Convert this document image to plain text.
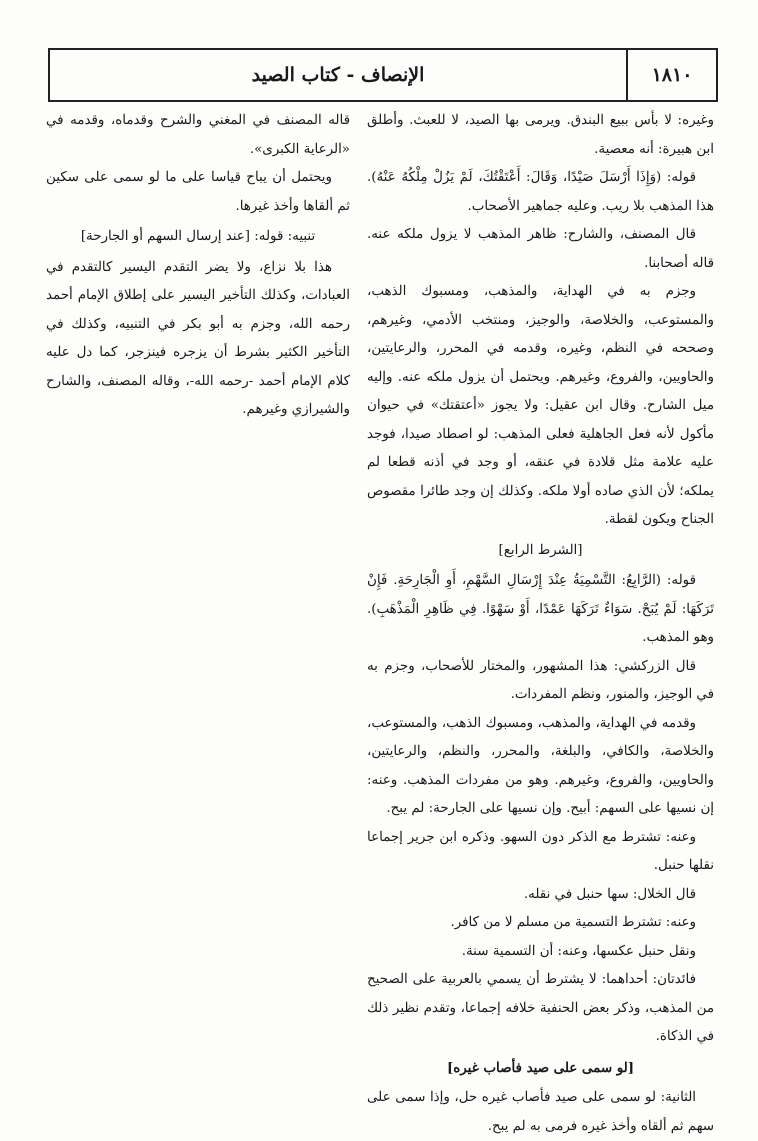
١٨١٠
الإنصاف - كتاب الصيد

وغيره: لا بأس ببيع البندق. ويرمى بها الصيد، لا للعبث. وأطلق ابن هبيرة: أنه معصية.

قوله: (وَإِذَا أَرْسَلَ صَيْدًا، وَقَالَ: أَعْتَقْتُكَ، لَمْ يَزُلْ مِلْكُهُ عَنْهُ). هذا المذهب بلا ريب. وعليه جماهير الأصحاب.

قال المصنف، والشارح: ظاهر المذهب لا يزول ملكه عنه. قاله أصحابنا.

وجزم به في الهداية، والمذهب، ومسبوك الذهب، والمستوعب، والخلاصة، والوجيز، ومنتخب الأدمي، وغيرهم، وصححه في النظم، وغيره، وقدمه في المحرر، والرعايتين، والحاويين، والفروع، وغيرهم. ويحتمل أن يزول ملكه عنه. وإليه ميل الشارح. وقال ابن عقيل: ولا يجوز «أعتقتك» في حيوان مأكول لأنه فعل الجاهلية فعلى المذهب: لو اصطاد صيدا، فوجد عليه علامة مثل قلادة في عنقه، أو وجد في أذنه قطعا لم يملكه؛ لأن الذي صاده أولا ملكه. وكذلك إن وجد طائرا مقصوص الجناح ويكون لقطة.

[الشرط الرابع]

قوله: (الرَّابِعُ: التَّسْمِيَةُ عِنْدَ إِرْسَالِ السَّهْمِ، أَوِ الْجَارِحَةِ. فَإِنْ تَرَكَهَا: لَمْ يُبَحْ. سَوَاءٌ تَرَكَهَا عَمْدًا، أَوْ سَهْوًا. فِي ظَاهِرِ الْمَذْهَبِ). وهو المذهب.

قال الزركشي: هذا المشهور، والمختار للأصحاب، وجزم به في الوجيز، والمنور، ونظم المفردات.

وقدمه في الهداية، والمذهب، ومسبوك الذهب، والمستوعب، والخلاصة، والكافي، والبلغة، والمحرر، والنظم، والرعايتين، والحاويين، والفروع، وغيرهم. وهو من مفردات المذهب. وعنه: إن نسيها على السهم: أبيح. وإن نسيها على الجارحة: لم يبح.

وعنه: تشترط مع الذكر دون السهو. وذكره ابن جرير إجماعا نقلها حنبل.

قال الخلال: سها حنبل في نقله.

وعنه: تشترط التسمية من مسلم لا من كافر.

ونقل حنبل عكسها، وعنه: أن التسمية سنة.

فائدتان: أحداهما: لا يشترط أن يسمي بالعربية على الصحيح من المذهب، وذكر بعض الحنفية خلافه إجماعا، وتقدم نظير ذلك في الذكاة.

[لو سمى على صيد فأصاب غيره]

الثانية: لو سمى على صيد فأصاب غيره حل، وإذا سمى على سهم ثم ألقاه وأخذ غيره فرمى به لم يبح.

قاله المصنف في المغني والشرح وقدماه، وقدمه في «الرعاية الكبرى».

ويحتمل أن يباح قياسا على ما لو سمى على سكين ثم ألقاها وأخذ غيرها.

تنبيه: قوله: [عند إرسال السهم أو الجارحة]

هذا بلا نزاع، ولا يضر التقدم اليسير كالتقدم في العبادات، وكذلك التأخير اليسير على إطلاق الإمام أحمد رحمه الله، وجزم به أبو بكر في التنبيه، وكذلك في التأخير الكثير بشرط أن يزجره فينزجر، كما دل عليه كلام الإمام أحمد -رحمه الله-، وقاله المصنف، والشارح والشيرازي وغيرهم.
